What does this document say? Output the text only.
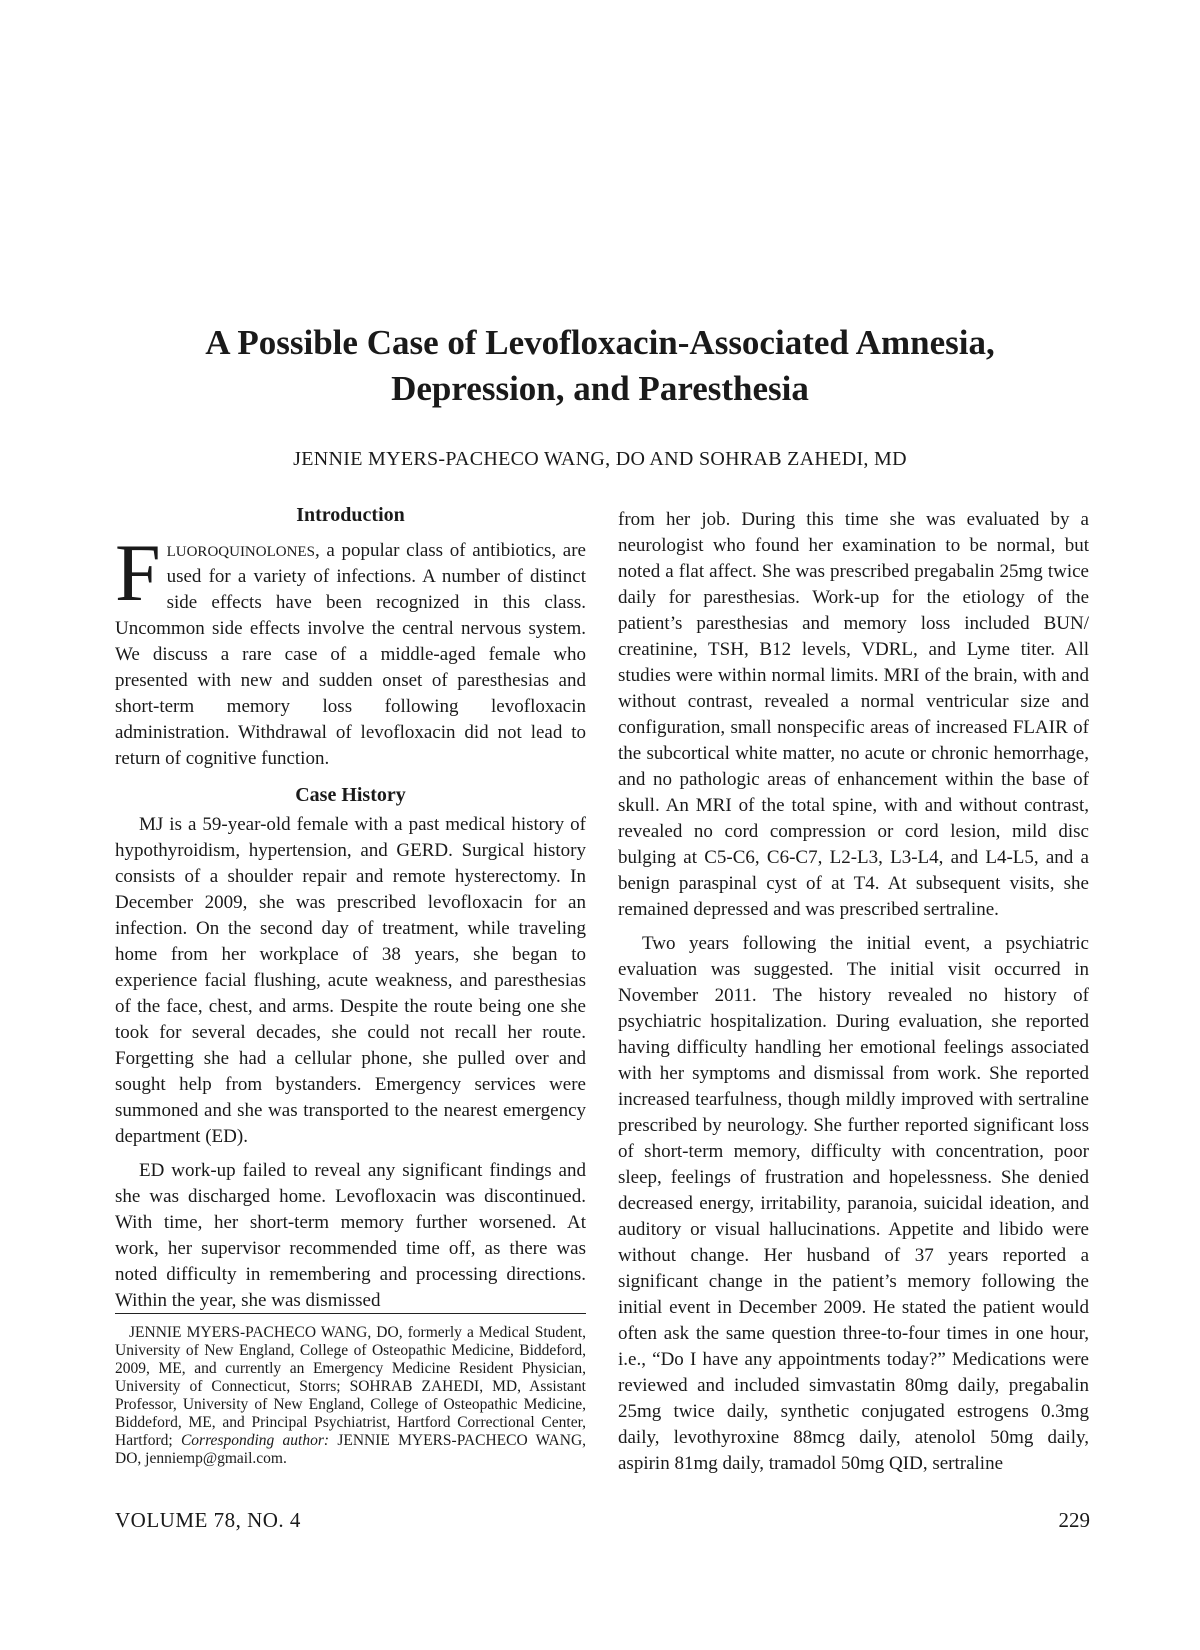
A Possible Case of Levofloxacin-Associated Amnesia,
Depression, and Paresthesia
JENNIE MYERS-PACHECO WANG, DO AND SOHRAB ZAHEDI, MD
Introduction

Fluoroquinolones, a popular class of antibiotics, are used for a variety of infections. A number of distinct side effects have been recognized in this class. Uncommon side effects involve the central nervous system. We discuss a rare case of a middle-aged female who presented with new and sudden onset of paresthesias and short-term memory loss following levofloxacin administration. Withdrawal of levofloxacin did not lead to return of cognitive function.

Case History

MJ is a 59-year-old female with a past medical history of hypothyroidism, hypertension, and GERD. Surgical history consists of a shoulder repair and remote hysterectomy. In December 2009, she was prescribed levofloxacin for an infection. On the second day of treatment, while traveling home from her workplace of 38 years, she began to experience facial flushing, acute weakness, and paresthesias of the face, chest, and arms. Despite the route being one she took for several decades, she could not recall her route. Forgetting she had a cellular phone, she pulled over and sought help from bystanders. Emergency services were summoned and she was transported to the nearest emergency department (ED).

ED work-up failed to reveal any significant findings and she was discharged home. Levofloxacin was discontinued. With time, her short-term memory further worsened. At work, her supervisor recommended time off, as there was noted difficulty in remembering and processing directions. Within the year, she was dismissed

from her job. During this time she was evaluated by a neurologist who found her examination to be normal, but noted a flat affect. She was prescribed pregabalin 25mg twice daily for paresthesias. Work-up for the etiology of the patient’s paresthesias and memory loss included BUN/ creatinine, TSH, B12 levels, VDRL, and Lyme titer. All studies were within normal limits. MRI of the brain, with and without contrast, revealed a normal ventricular size and configuration, small nonspecific areas of increased FLAIR of the subcortical white matter, no acute or chronic hemorrhage, and no pathologic areas of enhancement within the base of skull. An MRI of the total spine, with and without contrast, revealed no cord compression or cord lesion, mild disc bulging at C5-C6, C6-C7, L2-L3, L3-L4, and L4-L5, and a benign paraspinal cyst of at T4. At subsequent visits, she remained depressed and was prescribed sertraline.

Two years following the initial event, a psychiatric evaluation was suggested. The initial visit occurred in November 2011. The history revealed no history of psychiatric hospitalization. During evaluation, she reported having difficulty handling her emotional feelings associated with her symptoms and dismissal from work. She reported increased tearfulness, though mildly improved with sertraline prescribed by neurology. She further reported significant loss of short-term memory, difficulty with concentration, poor sleep, feelings of frustration and hopelessness. She denied decreased energy, irritability, paranoia, suicidal ideation, and auditory or visual hallucinations. Appetite and libido were without change. Her husband of 37 years reported a significant change in the patient’s memory following the initial event in December 2009. He stated the patient would often ask the same question three-to-four times in one hour, i.e., “Do I have any appointments today?” Medications were reviewed and included simvastatin 80mg daily, pregabalin 25mg twice daily, synthetic conjugated estrogens 0.3mg daily, levothyroxine 88mcg daily, atenolol 50mg daily, aspirin 81mg daily, tramadol 50mg QID, sertraline

JENNIE MYERS-PACHECO WANG, DO, formerly a Medical Student, University of New England, College of Osteopathic Medicine, Biddeford, 2009, ME, and currently an Emergency Medicine Resident Physician, University of Connecticut, Storrs; SOHRAB ZAHEDI, MD, Assistant Professor, University of New England, College of Osteopathic Medicine, Biddeford, ME, and Principal Psychiatrist, Hartford Correctional Center, Hartford; Corresponding author: JENNIE MYERS-PACHECO WANG, DO, jenniemp@gmail.com.
VOLUME 78, NO. 4	229
